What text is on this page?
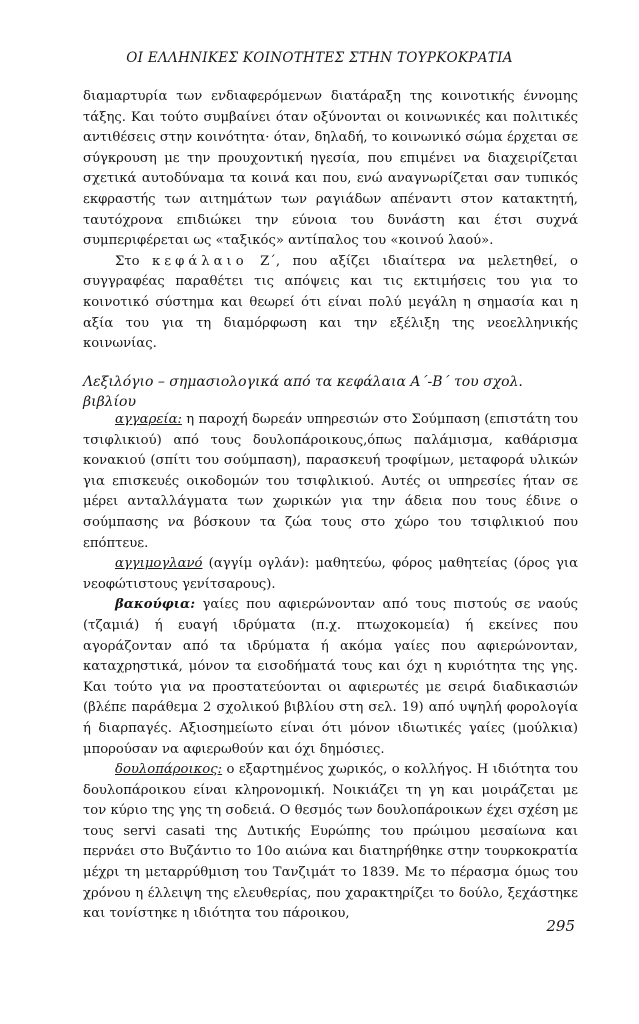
ΟΙ ΕΛΛΗΝΙΚΕΣ ΚΟΙΝΟΤΗΤΕΣ ΣΤΗΝ ΤΟΥΡΚΟΚΡΑΤΙΑ

διαμαρτυρία των ενδιαφερόμενων διατάραξη της κοινοτικής έννομης τάξης. Και τούτο συμβαίνει όταν οξύνονται οι κοινωνικές και πολιτικές αντιθέσεις στην κοινότητα· όταν, δηλαδή, το κοινωνικό σώμα έρχεται σε σύγκρουση με την προυχοντική ηγεσία, που επιμένει να διαχειρίζεται σχετικά αυτοδύναμα τα κοινά και που, ενώ αναγνωρίζεται σαν τυπικός εκφραστής των αιτημάτων των ραγιάδων απέναντι στον κατακτητή, ταυτόχρονα επιδιώκει την εύνοια του δυνάστη και έτσι συχνά συμπεριφέρεται ως «ταξικός» αντίπαλος του «κοινού λαού».

Στο κεφάλαιο Ζ΄, που αξίζει ιδιαίτερα να μελετηθεί, ο συγγραφέας παραθέτει τις απόψεις και τις εκτιμήσεις του για το κοινοτικό σύστημα και θεωρεί ότι είναι πολύ μεγάλη η σημασία και η αξία του για τη διαμόρφωση και την εξέλιξη της νεοελληνικής κοινωνίας.

Λεξιλόγιο – σημασιολογικά από τα κεφάλαια Α΄-Β΄ του σχολ. βιβλίου

αγγαρεία: η παροχή δωρεάν υπηρεσιών στο Σούμπαση (επιστάτη του τσιφλικιού) από τους δουλοπάροικους,όπως παλάμισμα, καθάρισμα κονακιού (σπίτι του σούμπαση), παρασκευή τροφίμων, μεταφορά υλικών για επισκευές οικοδομών του τσιφλικιού. Αυτές οι υπηρεσίες ήταν σε μέρει ανταλλάγματα των χωρικών για την άδεια που τους έδινε ο σούμπασης να βόσκουν τα ζώα τους στο χώρο του τσιφλικιού που επόπτευε.

αγγιμογλανό (αγγίμ ογλάν): μαθητεύω, φόρος μαθητείας (όρος για νεοφώτιστους γενίτσαρους).

βακούφια: γαίες που αφιερώνονταν από τους πιστούς σε ναούς (τζαμιά) ή ευαγή ιδρύματα (π.χ. πτωχοκομεία) ή εκείνες που αγοράζονταν από τα ιδρύματα ή ακόμα γαίες που αφιερώνονταν, καταχρηστικά, μόνον τα εισοδήματά τους και όχι η κυριότητα της γης. Και τούτο για να προστατεύονται οι αφιερωτές με σειρά διαδικασιών (βλέπε παράθεμα 2 σχολικού βιβλίου στη σελ. 19) από υψηλή φορολογία ή διαρπαγές. Αξιοσημείωτο είναι ότι μόνον ιδιωτικές γαίες (μούλκια) μπορούσαν να αφιερωθούν και όχι δημόσιες.

δουλοπάροικος: ο εξαρτημένος χωρικός, ο κολλήγος. Η ιδιότητα του δουλοπάροικου είναι κληρονομική. Νοικιάζει τη γη και μοιράζεται με τον κύριο της γης τη σοδειά. Ο θεσμός των δουλοπάροικων έχει σχέση με τους servi casati της Δυτικής Ευρώπης του πρώιμου μεσαίωνα και περνάει στο Βυζάντιο το 10ο αιώνα και διατηρήθηκε στην τουρκοκρατία μέχρι τη μεταρρύθμιση του Τανζιμάτ το 1839. Με το πέρασμα όμως του χρόνου η έλλειψη της ελευθερίας, που χαρακτηρίζει το δούλο, ξεχάστηκε και τονίστηκε η ιδιότητα του πάροικου,

295
